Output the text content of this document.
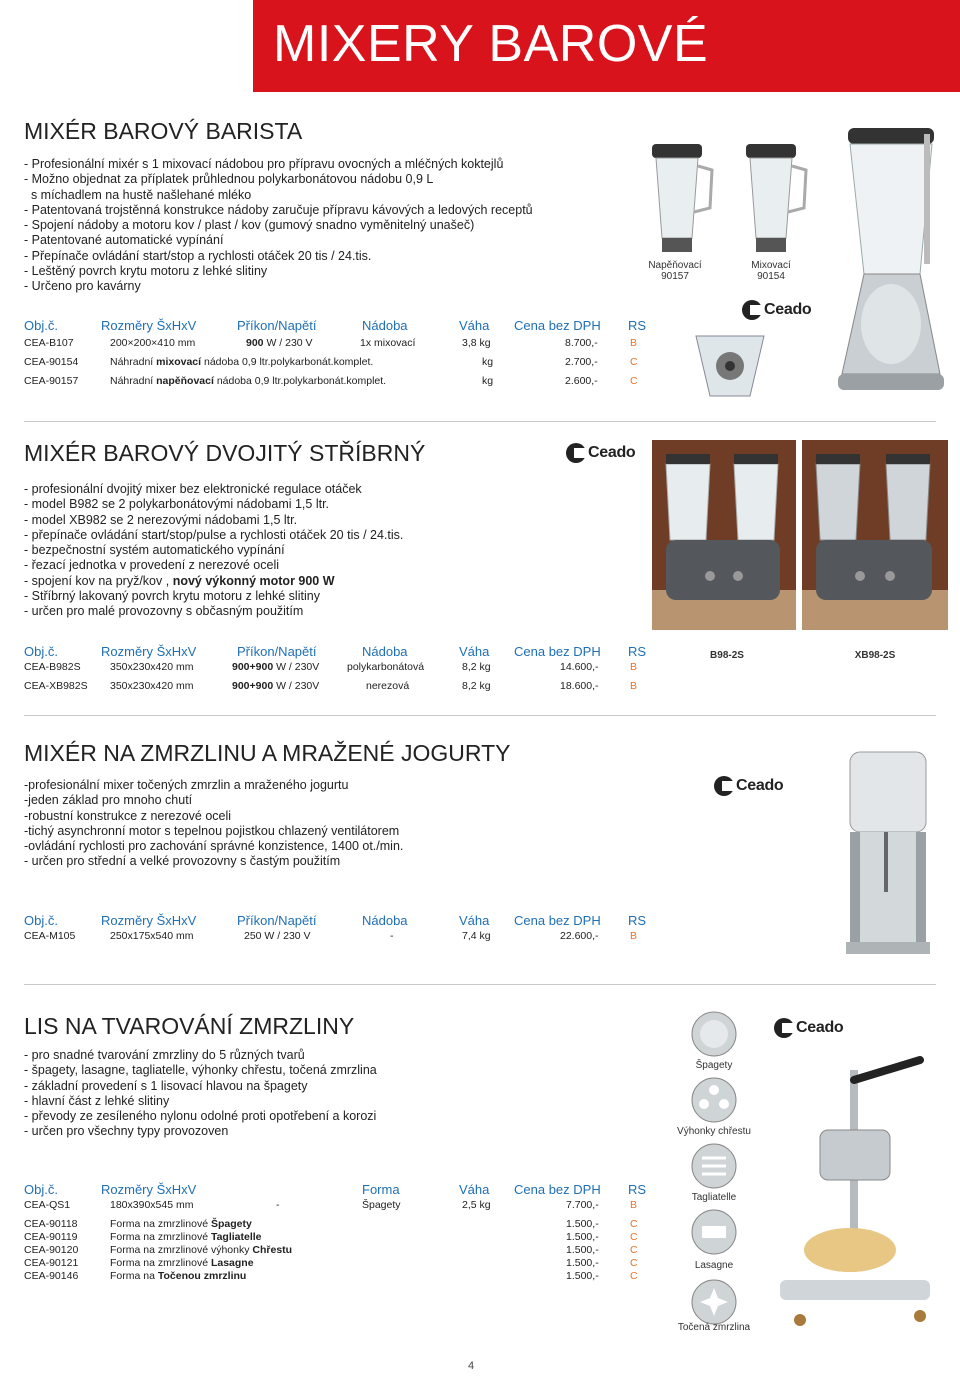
MIXERY BAROVÉ
MIXÉR BAROVÝ BARISTA
- Profesionální mixér s 1 mixovací nádobou pro přípravu ovocných a mléčných koktejlů
- Možno objednat za příplatek průhlednou polykarbonátovou nádobu 0,9 L
s míchadlem na hustě našlehané mléko
- Patentovaná trojstěnná konstrukce nádoby zaručuje přípravu kávových a ledových receptů
- Spojení nádoby a motoru kov / plast / kov (gumový snadno vyměnitelný unašeč)
- Patentované automatické vypínání
- Přepínače ovládání start/stop a rychlosti otáček 20 tis / 24.tis.
- Leštěný povrch krytu motoru z lehké slitiny
- Určeno pro kavárny
Obj.č.	Rozměry ŠxHxV	Příkon/Napětí	Nádoba	Váha Cena bez DPH RS
CEA-B107	200×200×410 mm	900 W / 230 V	1x mixovací	3,8 kg	8.700,-	B
CEA-90154	Náhradní mixovací nádoba 0,9 ltr.polykarbonát.komplet.	kg	2.700,-	C
CEA-90157	Náhradní napěňovací nádoba 0,9 ltr.polykarbonát.komplet.	kg	2.600,-	C
Napěňovací
90157
Mixovací
90154
Ceado
MIXÉR BAROVÝ DVOJITÝ STŘÍBRNÝ	Ceado
- profesionální dvojitý mixer bez elektronické regulace otáček
- model B982 se 2 polykarbonátovými nádobami 1,5 ltr.
- model XB982 se 2 nerezovými nádobami 1,5 ltr.
- přepínače ovládání start/stop/pulse a rychlosti otáček 20 tis / 24.tis.
- bezpečnostní systém automatického vypínání
- řezací jednotka v provedení z nerezové oceli
- spojení kov na pryž/kov , nový výkonný motor 900 W
- Stříbrný lakovaný povrch krytu motoru z lehké slitiny
- určen pro malé provozovny s občasným použitím
B98-2S	XB98-2S
Obj.č.	Rozměry ŠxHxV	Příkon/Napětí	Nádoba	Váha Cena bez DPH RS
CEA-B982S	350x230x420 mm	900+900 W / 230V	polykarbonátová	8,2 kg	14.600,-	B
CEA-XB982S 350x230x420 mm	900+900 W / 230V	nerezová	8,2 kg	18.600,-	B
MIXÉR NA ZMRZLINU A MRAŽENÉ JOGURTY
-profesionální mixer točených zmrzlin a mraženého jogurtu
-jeden základ pro mnoho chutí
-robustní konstrukce z nerezové oceli
-tichý asynchronní motor s tepelnou pojistkou chlazený ventilátorem
-ovládání rychlosti pro zachování správné konzistence, 1400 ot./min.
- určen pro střední a velké provozovny s častým použitím
Ceado
Obj.č.	Rozměry ŠxHxV	Příkon/Napětí	Nádoba	Váha Cena bez DPH RS
CEA-M105	250x175x540 mm	250 W / 230 V	-	7,4 kg	22.600,-	B
LIS NA TVAROVÁNÍ ZMRZLINY
- pro snadné tvarování zmrzliny do 5 různých tvarů
- špagety, lasagne, tagliatelle, výhonky chřestu, točená zmrzlina
- základní provedení s 1 lisovací hlavou na špagety
- hlavní část z lehké slitiny
- převody ze zesíleného nylonu odolné proti opotřebení a korozi
- určen pro všechny typy provozoven
Ceado
Špagety
Výhonky chřestu
Tagliatelle
Lasagne
Točená zmrzlina
Obj.č.	Rozměry ŠxHxV	Forma	Váha Cena bez DPH RS
CEA-QS1	180x390x545 mm	-	Špagety	2,5 kg	7.700,-	B
CEA-90118	Forma na zmrzlinové Špagety	1.500,-	C
CEA-90119	Forma na zmrzlinové Tagliatelle	1.500,-	C
CEA-90120	Forma na zmrzlinové výhonky Chřestu	1.500,-	C
CEA-90121	Forma na zmrzlinové Lasagne	1.500,-	C
CEA-90146	Forma na Točenou zmrzlinu	1.500,-	C
4
